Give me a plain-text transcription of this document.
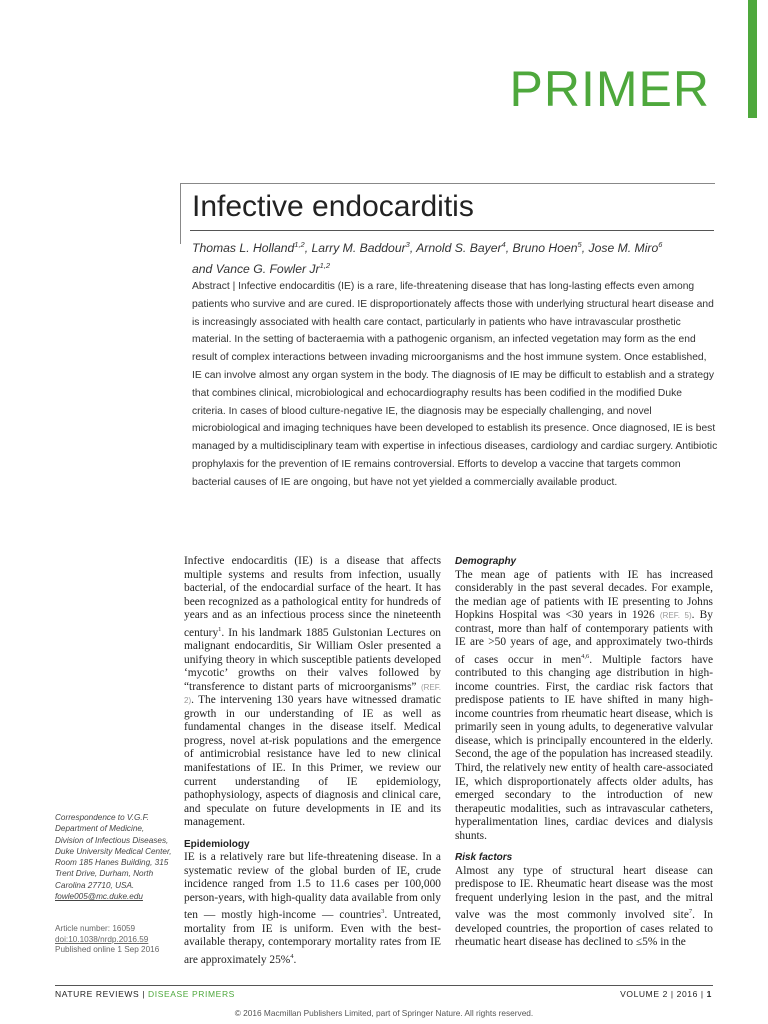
PRIMER
Infective endocarditis
Thomas L. Holland$^{1,2}$, Larry M. Baddour$^3$, Arnold S. Bayer$^4$, Bruno Hoen$^5$, Jose M. Miro$^6$
and Vance G. Fowler Jr$^{1,2}$
Abstract | Infective endocarditis (IE) is a rare, life-threatening disease that has long-lasting effects even among patients who survive and are cured. IE disproportionately affects those with underlying structural heart disease and is increasingly associated with health care contact, particularly in patients who have intravascular prosthetic material. In the setting of bacteraemia with a pathogenic organism, an infected vegetation may form as the end result of complex interactions between invading microorganisms and the host immune system. Once established, IE can involve almost any organ system in the body. The diagnosis of IE may be difficult to establish and a strategy that combines clinical, microbiological and echocardiography results has been codified in the modified Duke criteria. In cases of blood culture-negative IE, the diagnosis may be especially challenging, and novel microbiological and imaging techniques have been developed to establish its presence. Once diagnosed, IE is best managed by a multidisciplinary team with expertise in infectious diseases, cardiology and cardiac surgery. Antibiotic prophylaxis for the prevention of IE remains controversial. Efforts to develop a vaccine that targets common bacterial causes of IE are ongoing, but have not yet yielded a commercially available product.

Infective endocarditis (IE) is a disease that affects multiple systems and results from infection, usually bacterial, of the endocardial surface of the heart. It has been recognized as a pathological entity for hundreds of years and as an infectious process since the nineteenth century$^1$. In his landmark 1885 Gulstonian Lectures on malignant endocarditis, Sir William Osler presented a unifying theory in which susceptible patients developed ‘mycotic’ growths on their valves followed by “transference to distant parts of microorganisms” (REF. 2). The intervening 130 years have witnessed dramatic growth in our understanding of IE as well as fundamental changes in the disease itself. Medical progress, novel at-risk populations and the emergence of antimicrobial resistance have led to new clinical manifestations of IE. In this Primer, we review our current understanding of IE epidemiology, pathophysiology, aspects of diagnosis and clinical care, and speculate on future developments in IE and its management.

Epidemiology
IE is a relatively rare but life-threatening disease. In a systematic review of the global burden of IE, crude incidence ranged from 1.5 to 11.6 cases per 100,000 person-years, with high-quality data available from only ten — mostly high-income — countries$^3$. Untreated, mortality from IE is uniform. Even with the best-available therapy, contemporary mortality rates from IE are approximately 25%$^4$.

Demography
The mean age of patients with IE has increased considerably in the past several decades. For example, the median age of patients with IE presenting to Johns Hopkins Hospital was <30 years in 1926 (REF. 5). By contrast, more than half of contemporary patients with IE are >50 years of age, and approximately two-thirds of cases occur in men$^{4,6}$. Multiple factors have contributed to this changing age distribution in high-income countries. First, the cardiac risk factors that predispose patients to IE have shifted in many high-income countries from rheumatic heart disease, which is primarily seen in young adults, to degenerative valvular disease, which is principally encountered in the elderly. Second, the age of the population has increased steadily. Third, the relatively new entity of health care-associated IE, which disproportionately affects older adults, has emerged secondary to the introduction of new therapeutic modalities, such as intravascular catheters, hyperalimentation lines, cardiac devices and dialysis shunts.

Risk factors
Almost any type of structural heart disease can predispose to IE. Rheumatic heart disease was the most frequent underlying lesion in the past, and the mitral valve was the most commonly involved site$^7$. In developed countries, the proportion of cases related to rheumatic heart disease has declined to ≤5% in the

Correspondence to V.G.F.
Department of Medicine, Division of Infectious Diseases, Duke University Medical Center,
Room 185 Hanes Building, 315 Trent Drive, Durham, North Carolina 27710, USA.
fowle005@mc.duke.edu
Article number: 16059
doi:10.1038/nrdp.2016.59
Published online 1 Sep 2016
NATURE REVIEWS | DISEASE PRIMERS	VOLUME 2 | 2016 | 1
© 2016 Macmillan Publishers Limited, part of Springer Nature. All rights reserved.
